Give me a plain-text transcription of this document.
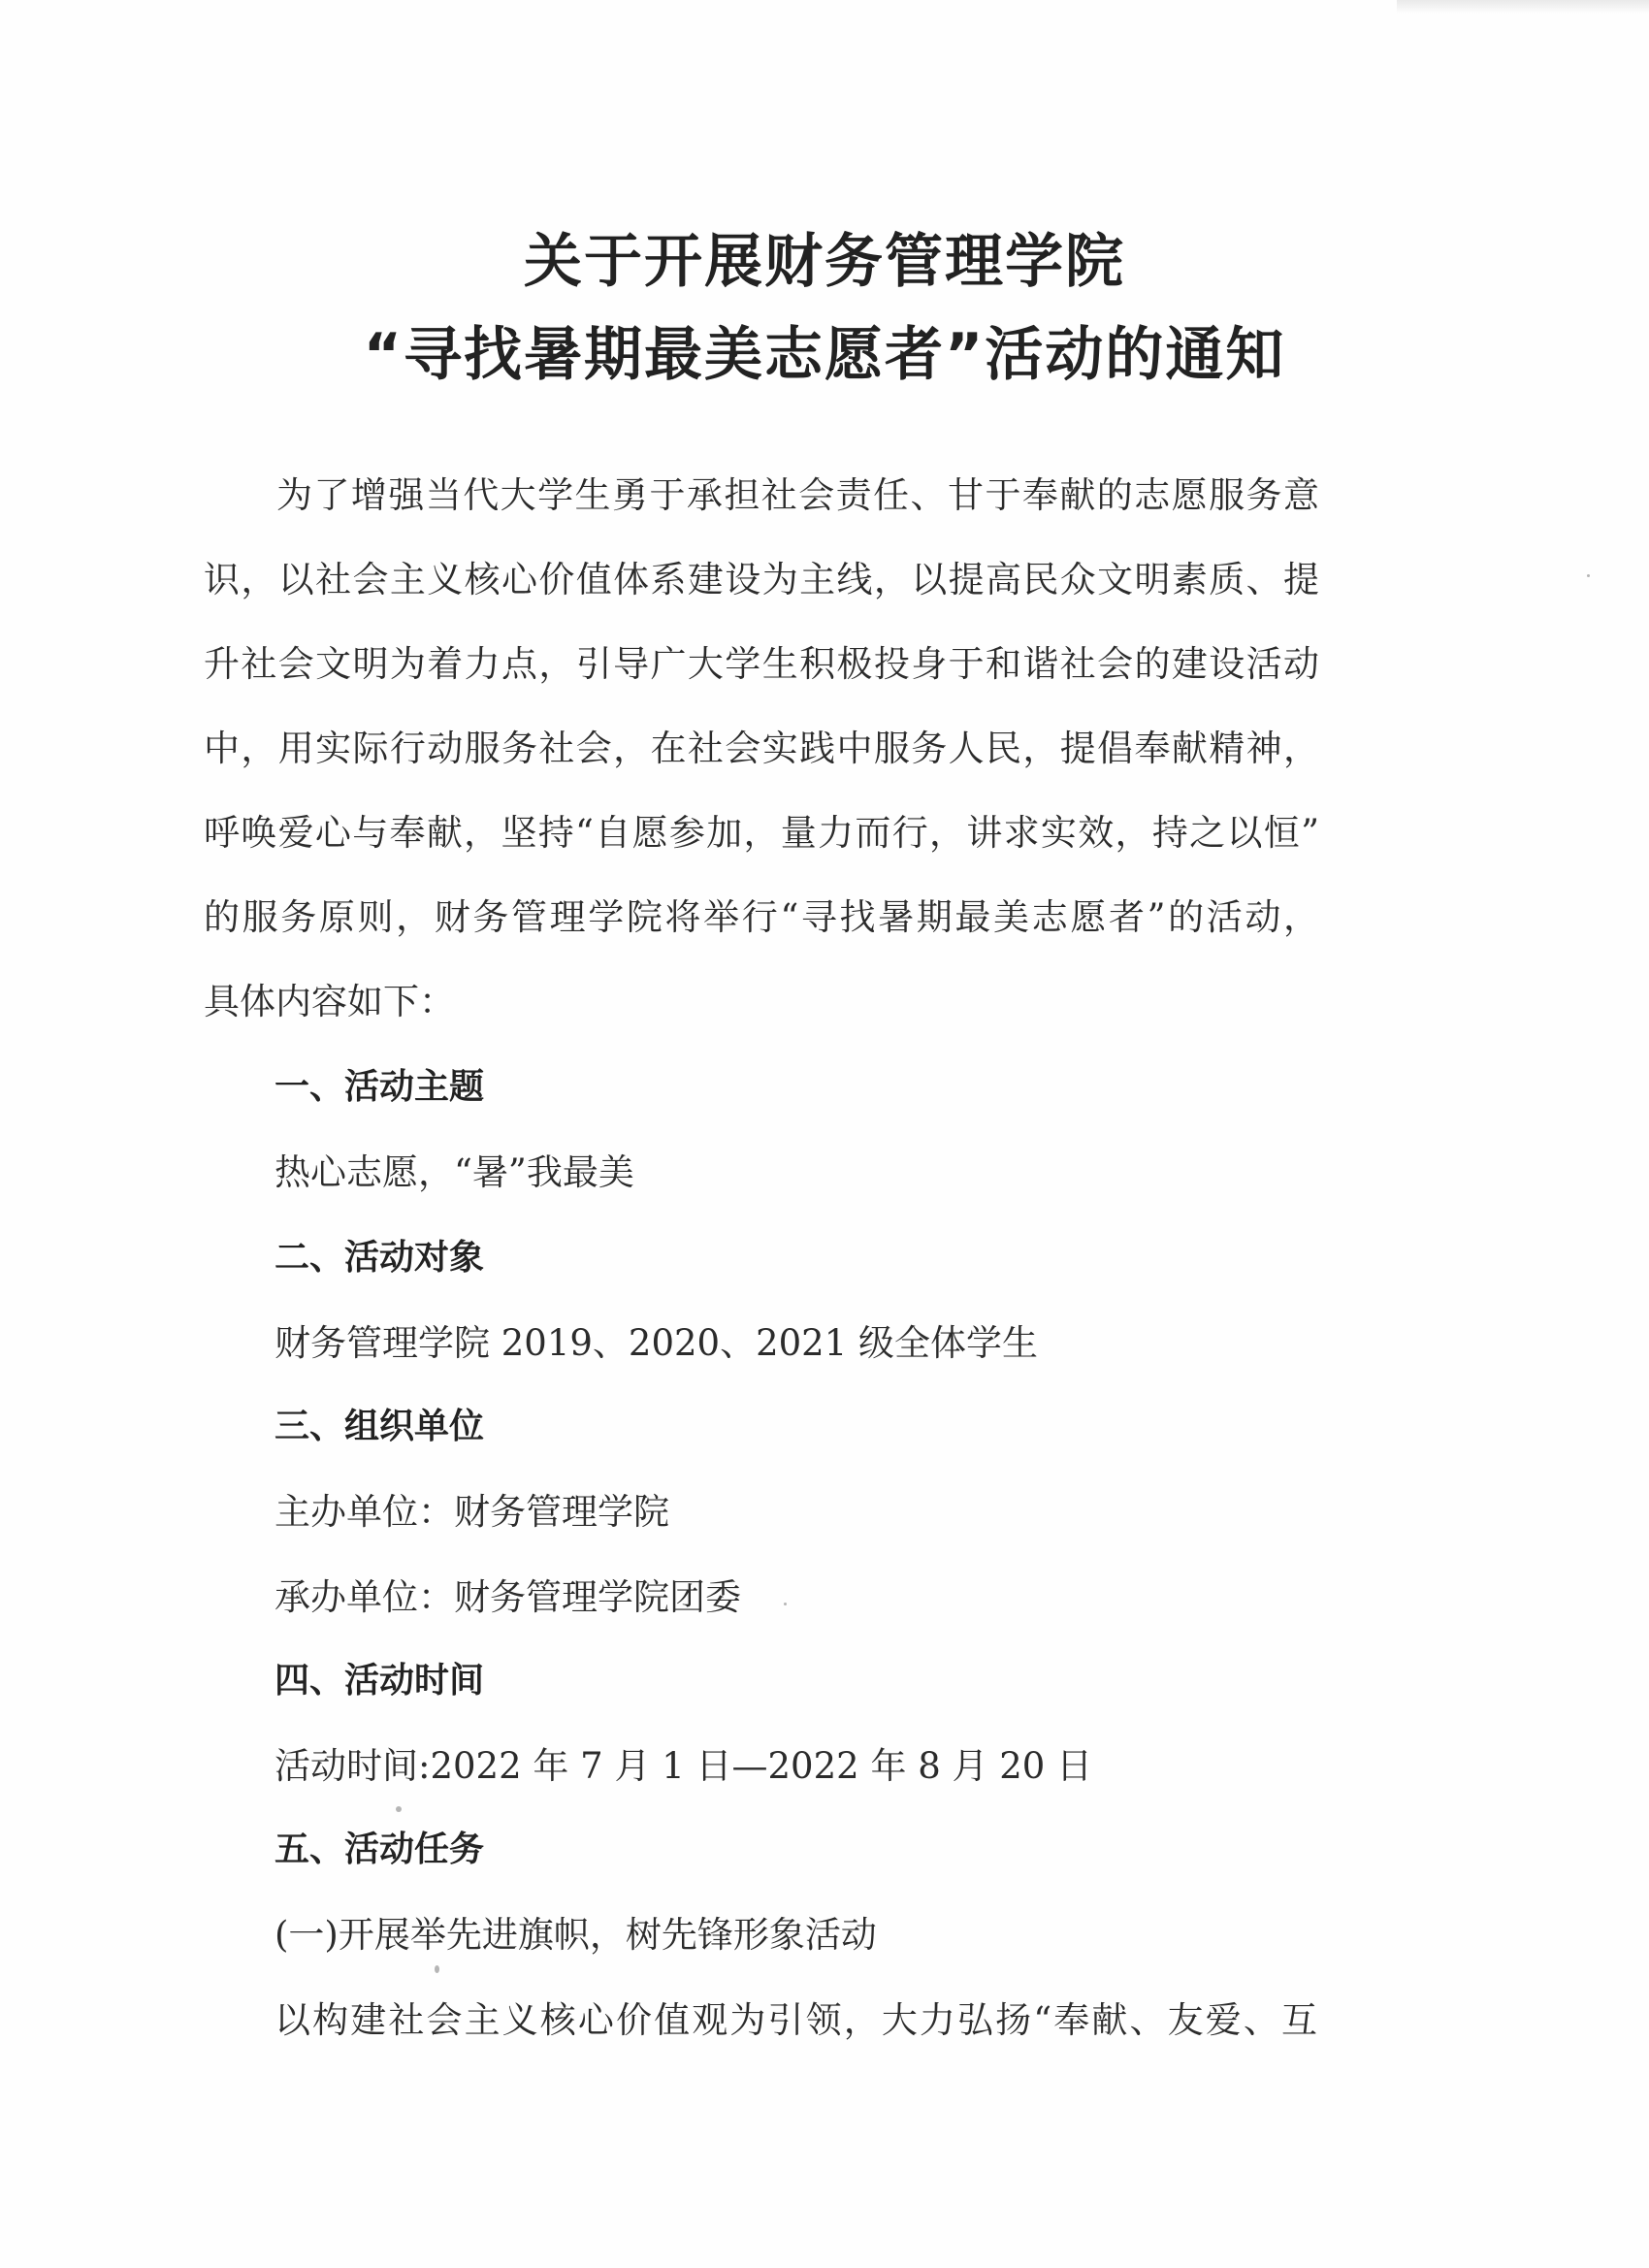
关于开展财务管理学院
“寻找暑期最美志愿者”活动的通知
为了增强当代大学生勇于承担社会责任、甘于奉献的志愿服务意
识，以社会主义核心价值体系建设为主线，以提高民众文明素质、提
升社会文明为着力点，引导广大学生积极投身于和谐社会的建设活动
中，用实际行动服务社会，在社会实践中服务人民，提倡奉献精神，
呼唤爱心与奉献，坚持“自愿参加，量力而行，讲求实效，持之以恒”
的服务原则，财务管理学院将举行“寻找暑期最美志愿者”的活动，
具体内容如下：
一、活动主题
热心志愿，“暑”我最美
二、活动对象
财务管理学院 2019、2020、2021 级全体学生
三、组织单位
主办单位：财务管理学院
承办单位：财务管理学院团委
四、活动时间
活动时间:2022 年 7 月 1 日—2022 年 8 月 20 日
五、活动任务
(一)开展举先进旗帜，树先锋形象活动
以构建社会主义核心价值观为引领，大力弘扬“奉献、友爱、互
